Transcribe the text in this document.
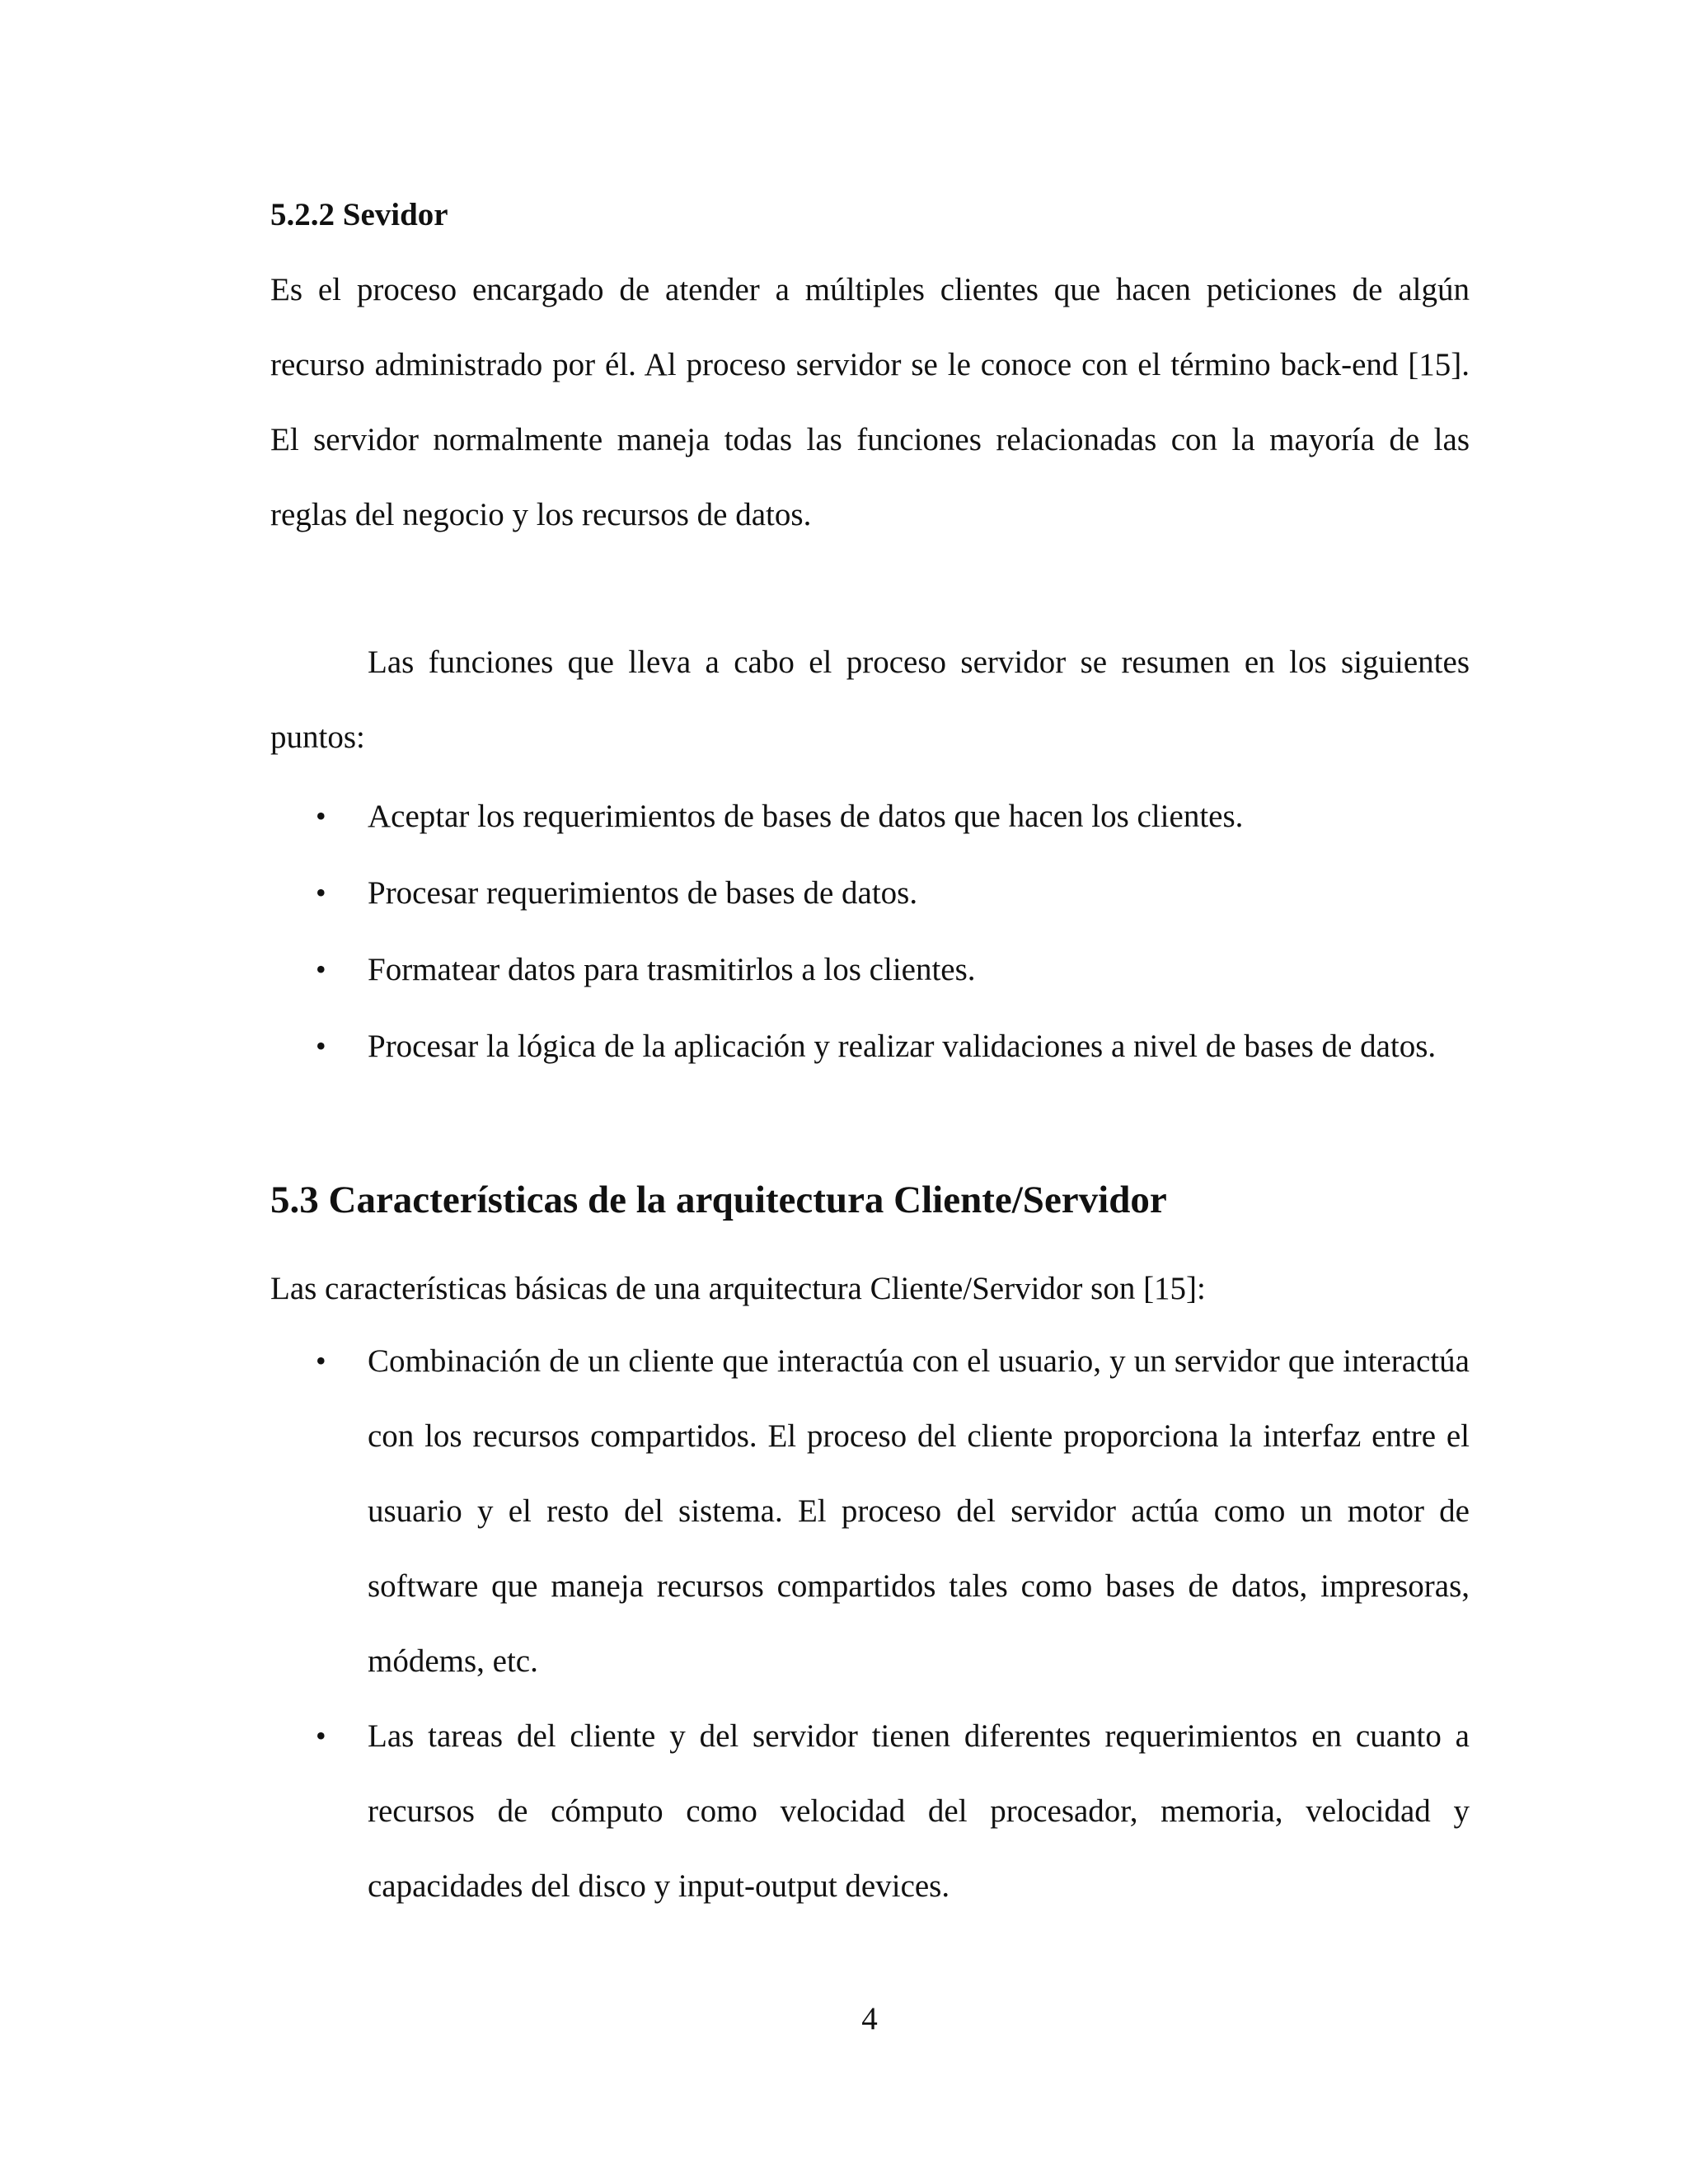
5.2.2 Sevidor

Es el proceso encargado de atender a múltiples clientes que hacen peticiones de algún recurso administrado por él. Al proceso servidor se le conoce con el término back-end [15]. El servidor normalmente maneja todas las funciones relacionadas con la mayoría de las reglas del negocio y los recursos de datos.

Las funciones que lleva a cabo el proceso servidor se resumen en los siguientes puntos:

• Aceptar los requerimientos de bases de datos que hacen los clientes.
• Procesar requerimientos de bases de datos.
• Formatear datos para trasmitirlos a los clientes.
• Procesar la lógica de la aplicación y realizar validaciones a nivel de bases de datos.
5.3 Características de la arquitectura Cliente/Servidor

Las características básicas de una arquitectura Cliente/Servidor son [15]:

• Combinación de un cliente que interactúa con el usuario, y un servidor que interactúa con los recursos compartidos. El proceso del cliente proporciona la interfaz entre el usuario y el resto del sistema. El proceso del servidor actúa como un motor de software que maneja recursos compartidos tales como bases de datos, impresoras, módems, etc.
• Las tareas del cliente y del servidor tienen diferentes requerimientos en cuanto a recursos de cómputo como velocidad del procesador, memoria, velocidad y capacidades del disco y input-output devices.
4
